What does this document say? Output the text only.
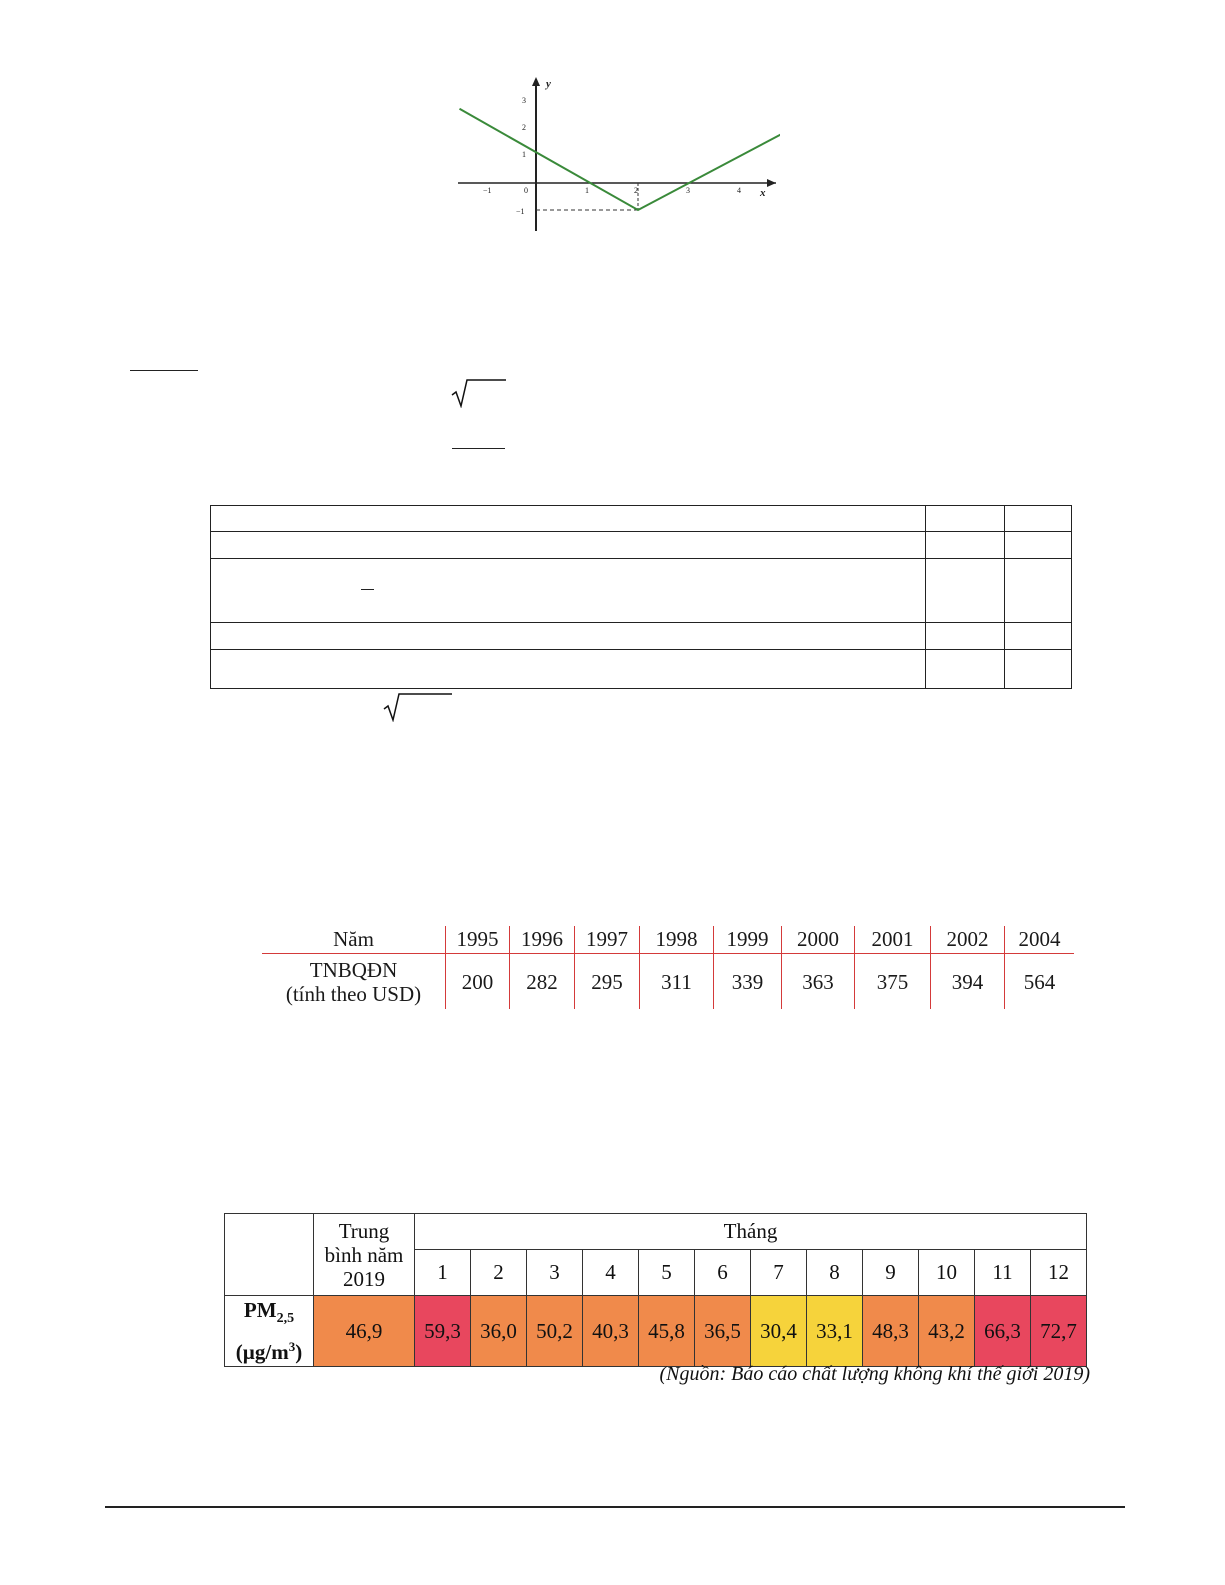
y
x
−1	0	1	2	3	4
3
2
1
−1

Năm	1995	1996	1997	1998	1999	2000	2001	2002	2004

TNBQĐN
(tính theo USD)	200	282	295	311	339	363	375	394	564

	Trung
bình năm
2019	Tháng											
		1	2	3	4	5	6	7	8	9	10	11	12

$PM_{2,5}$
$(\mu g/m^3)$	46,9	59,3	36,0	50,2	40,3	45,8	36,5	30,4	33,1	48,3	43,2	66,3	72,7
(Nguồn: Báo cáo chất lượng không khí thế giới 2019)
